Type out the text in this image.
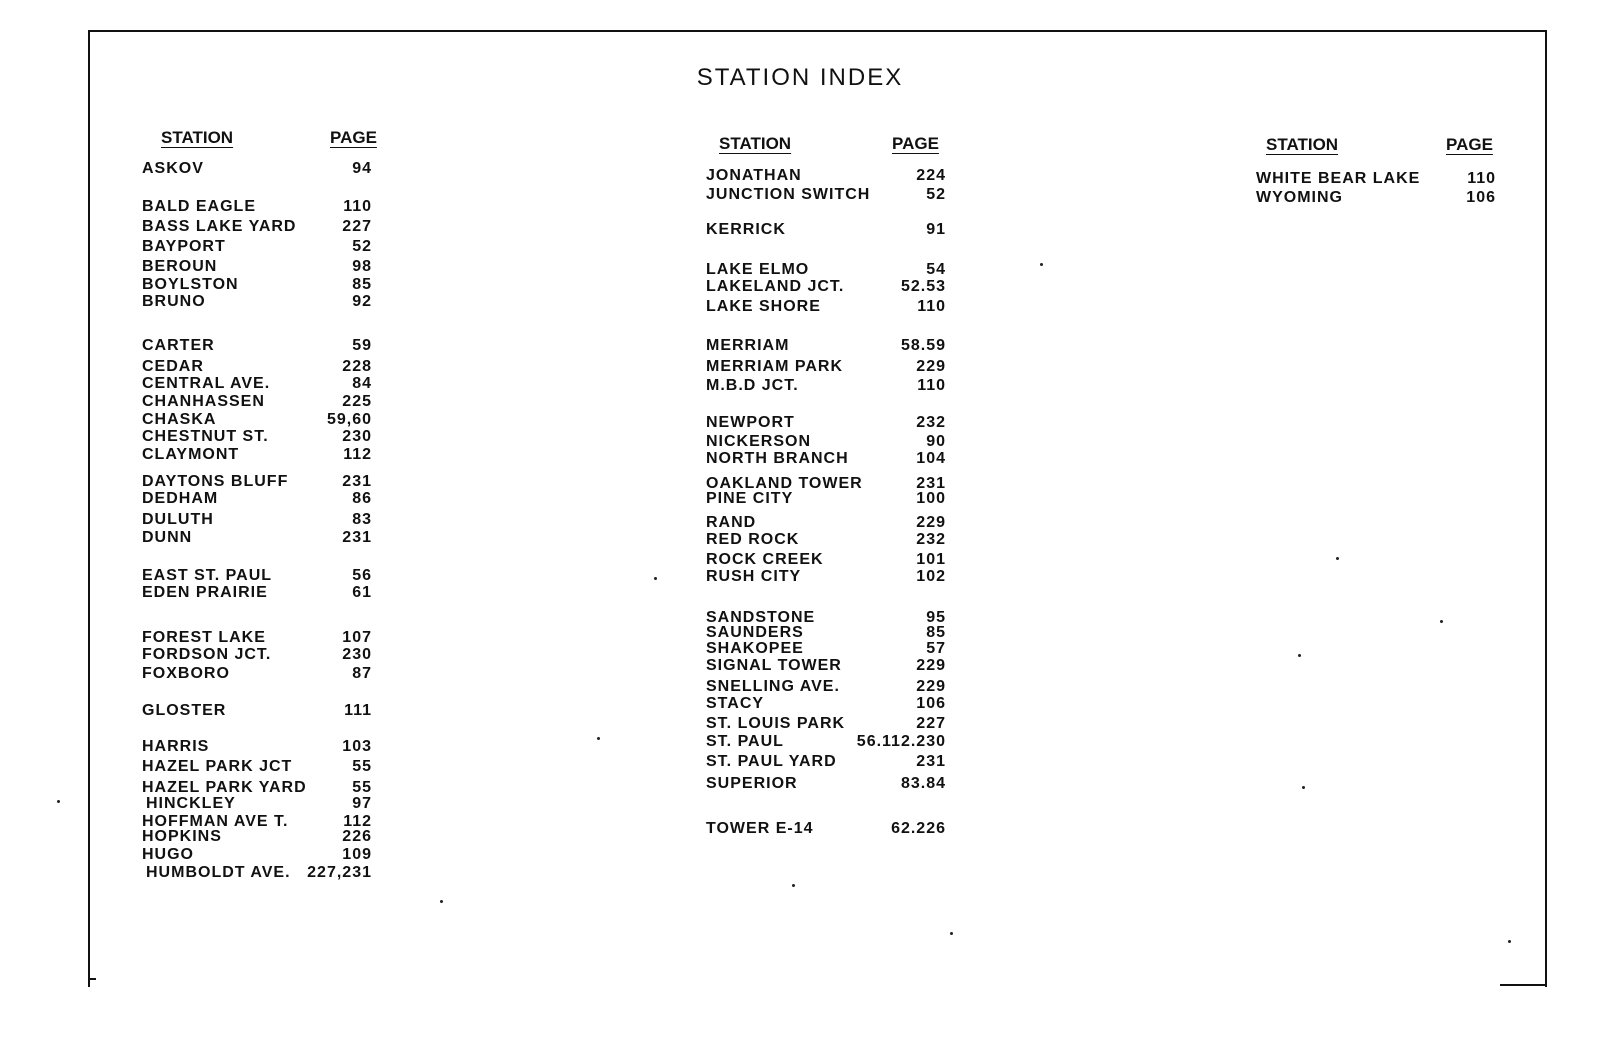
STATION INDEX
STATION	PAGE
ASKOV	94
BALD EAGLE	110
BASS LAKE YARD	227
BAYPORT	52
BEROUN	98
BOYLSTON	85
BRUNO	92
CARTER	59
CEDAR	228
CENTRAL AVE.	84
CHANHASSEN	225
CHASKA	59,60
CHESTNUT ST.	230
CLAYMONT	112
DAYTONS BLUFF	231
DEDHAM	86
DULUTH	83
DUNN	231
EAST ST. PAUL	56
EDEN PRAIRIE	61
FOREST LAKE	107
FORDSON JCT.	230
FOXBORO	87
GLOSTER	111
HARRIS	103
HAZEL PARK JCT	55
HAZEL PARK YARD	55
HINCKLEY	97
HOFFMAN AVE T.	112
HOPKINS	226
HUGO	109
HUMBOLDT AVE.	227,231
STATION	PAGE
JONATHAN	224
JUNCTION SWITCH	52
KERRICK	91
LAKE ELMO	54
LAKELAND JCT.	52.53
LAKE SHORE	110
MERRIAM	58.59
MERRIAM PARK	229
M.B.D JCT.	110
NEWPORT	232
NICKERSON	90
NORTH BRANCH	104
OAKLAND TOWER	231
PINE CITY	100
RAND	229
RED ROCK	232
ROCK CREEK	101
RUSH CITY	102
SANDSTONE	95
SAUNDERS	85
SHAKOPEE	57
SIGNAL TOWER	229
SNELLING AVE.	229
STACY	106
ST. LOUIS PARK	227
ST. PAUL	56.112.230
ST. PAUL YARD	231
SUPERIOR	83.84
TOWER E-14	62.226
STATION	PAGE
WHITE BEAR LAKE	110
WYOMING	106
